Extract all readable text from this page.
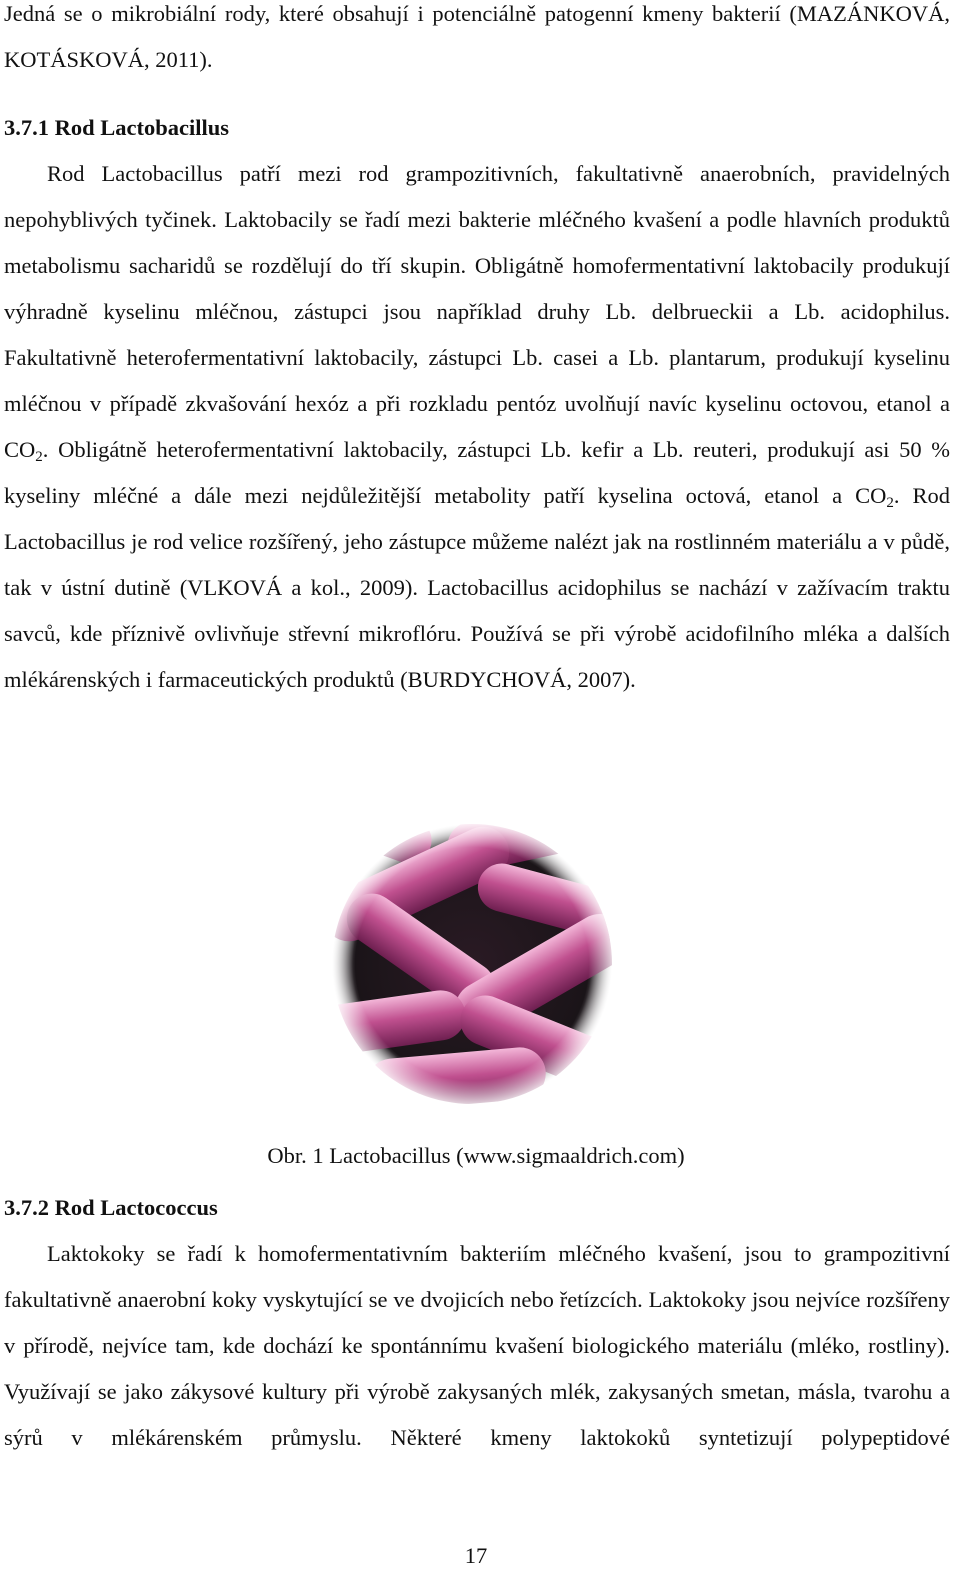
Jedná se o mikrobiální rody, které obsahují i potenciálně patogenní kmeny bakterií (MAZÁNKOVÁ, KOTÁSKOVÁ, 2011).

3.7.1 Rod Lactobacillus

Rod Lactobacillus patří mezi rod grampozitivních, fakultativně anaerobních, pravidelných nepohyblivých tyčinek. Laktobacily se řadí mezi bakterie mléčného kvašení a podle hlavních produktů metabolismu sacharidů se rozdělují do tří skupin. Obligátně homofermentativní laktobacily produkují výhradně kyselinu mléčnou, zástupci jsou například druhy Lb. delbrueckii a Lb. acidophilus. Fakultativně heterofermentativní laktobacily, zástupci Lb. casei a Lb. plantarum, produkují kyselinu mléčnou v případě zkvašování hexóz a při rozkladu pentóz uvolňují navíc kyselinu octovou, etanol a $CO_2$. Obligátně heterofermentativní laktobacily, zástupci Lb. kefir a Lb. reuteri, produkují asi 50 % kyseliny mléčné a dále mezi nejdůležitější metabolity patří kyselina octová, etanol a $CO_2$. Rod Lactobacillus je rod velice rozšířený, jeho zástupce můžeme nalézt jak na rostlinném materiálu a v půdě, tak v ústní dutině (VLKOVÁ a kol., 2009). Lactobacillus acidophilus se nachází v zažívacím traktu savců, kde příznivě ovlivňuje střevní mikroflóru. Používá se při výrobě acidofilního mléka a dalších mlékárenských i farmaceutických produktů (BURDYCHOVÁ, 2007).

Obr. 1 Lactobacillus (www.sigmaaldrich.com)
3.7.2 Rod Lactococcus

Laktokoky se řadí k homofermentativním bakteriím mléčného kvašení, jsou to grampozitivní fakultativně anaerobní koky vyskytující se ve dvojicích nebo řetízcích. Laktokoky jsou nejvíce rozšířeny v přírodě, nejvíce tam, kde dochází ke spontánnímu kvašení biologického materiálu (mléko, rostliny). Využívají se jako zákysové kultury při výrobě zakysaných mlék, zakysaných smetan, másla, tvarohu a sýrů v mlékárenském průmyslu. Některé kmeny laktokoků syntetizují polypeptidové

17
